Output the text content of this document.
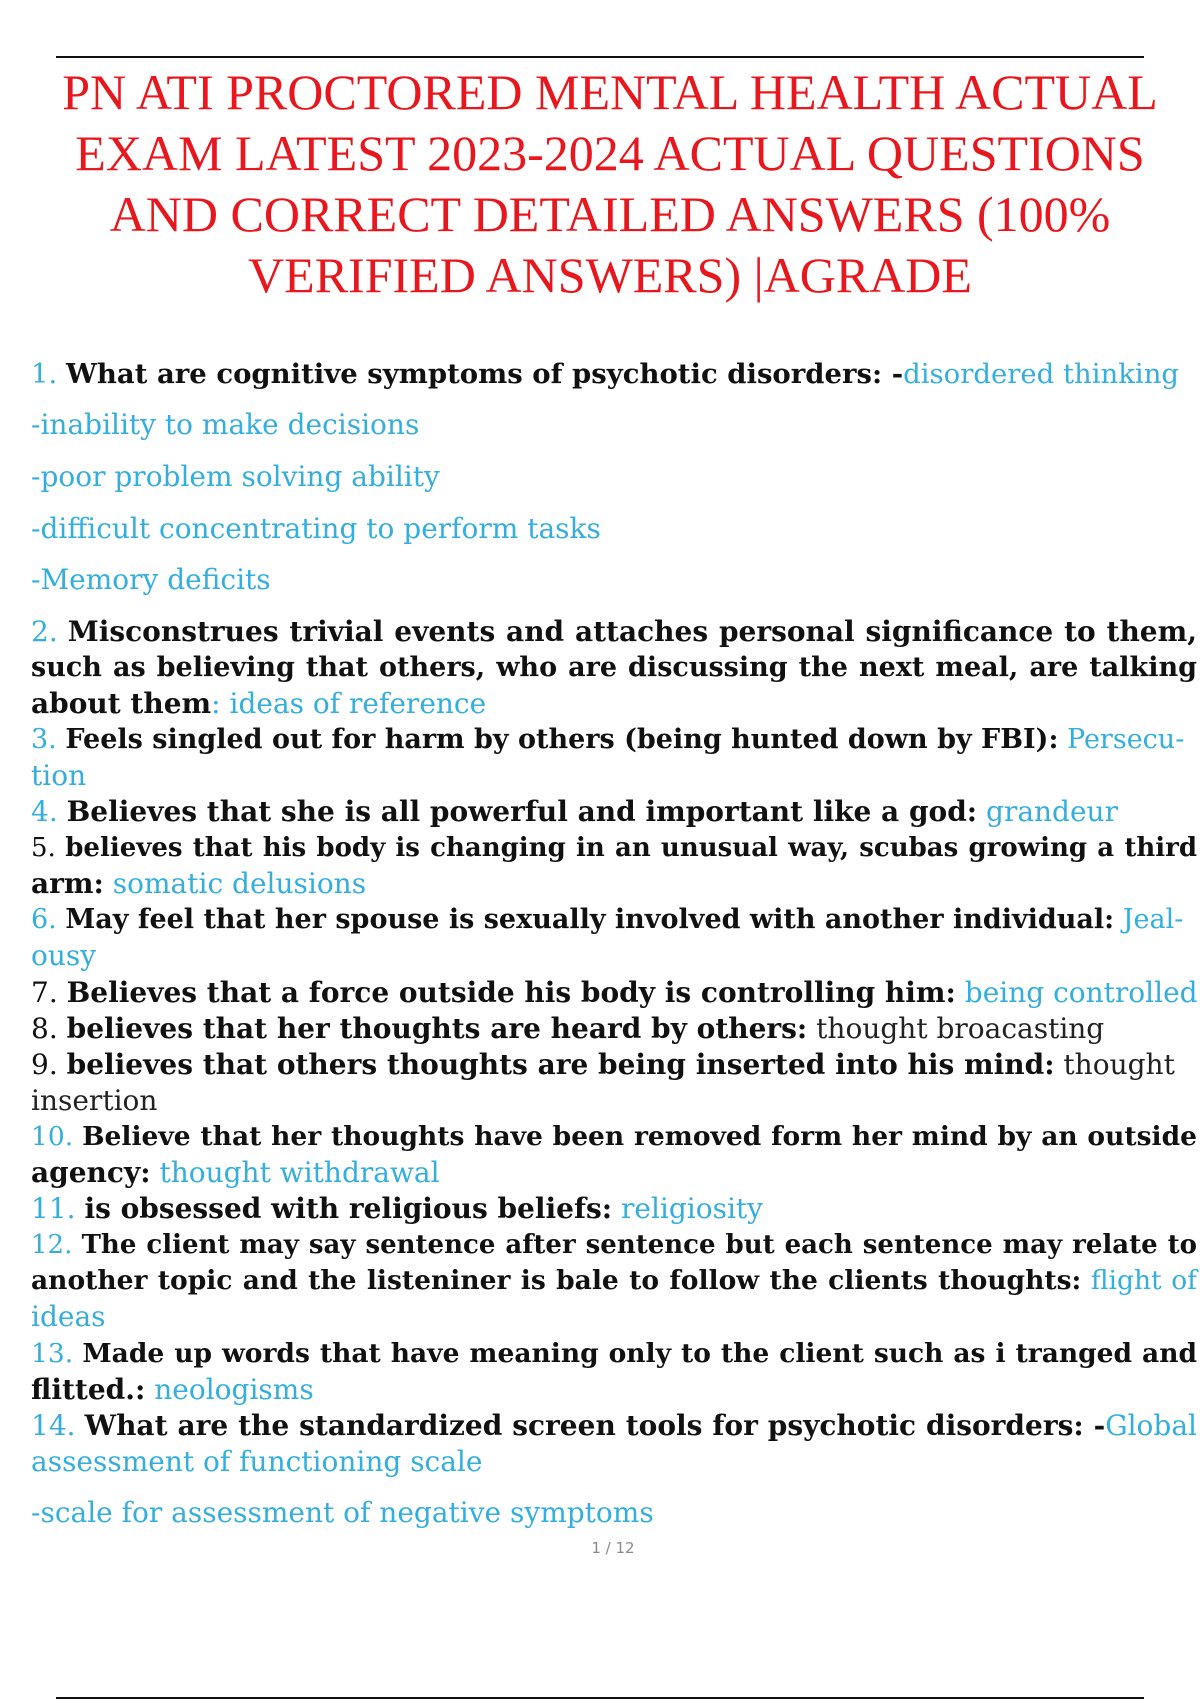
PN ATI PROCTORED MENTAL HEALTH ACTUAL
EXAM LATEST 2023-2024 ACTUAL QUESTIONS
AND CORRECT DETAILED ANSWERS (100%
VERIFIED ANSWERS) |AGRADE
1. What are cognitive symptoms of psychotic disorders: -disordered thinking
-inability to make decisions
-poor problem solving ability
-difficult concentrating to perform tasks
-Memory deficits
2. Misconstrues trivial events and attaches personal significance to them,
such as believing that others, who are discussing the next meal, are talking
about them: ideas of reference
3. Feels singled out for harm by others (being hunted down by FBI): Persecu-
tion
4. Believes that she is all powerful and important like a god: grandeur
5. believes that his body is changing in an unusual way, scubas growing a third
arm: somatic delusions
6. May feel that her spouse is sexually involved with another individual: Jeal-
ousy
7. Believes that a force outside his body is controlling him: being controlled
8. believes that her thoughts are heard by others: thought broacasting
9. believes that others thoughts are being inserted into his mind: thought
insertion
10. Believe that her thoughts have been removed form her mind by an outside
agency: thought withdrawal
11. is obsessed with religious beliefs: religiosity
12. The client may say sentence after sentence but each sentence may relate to
another topic and the listeniner is bale to follow the clients thoughts: flight of
ideas
13. Made up words that have meaning only to the client such as i tranged and
flitted.: neologisms
14. What are the standardized screen tools for psychotic disorders: -Global
assessment of functioning scale
-scale for assessment of negative symptoms
1 / 12
